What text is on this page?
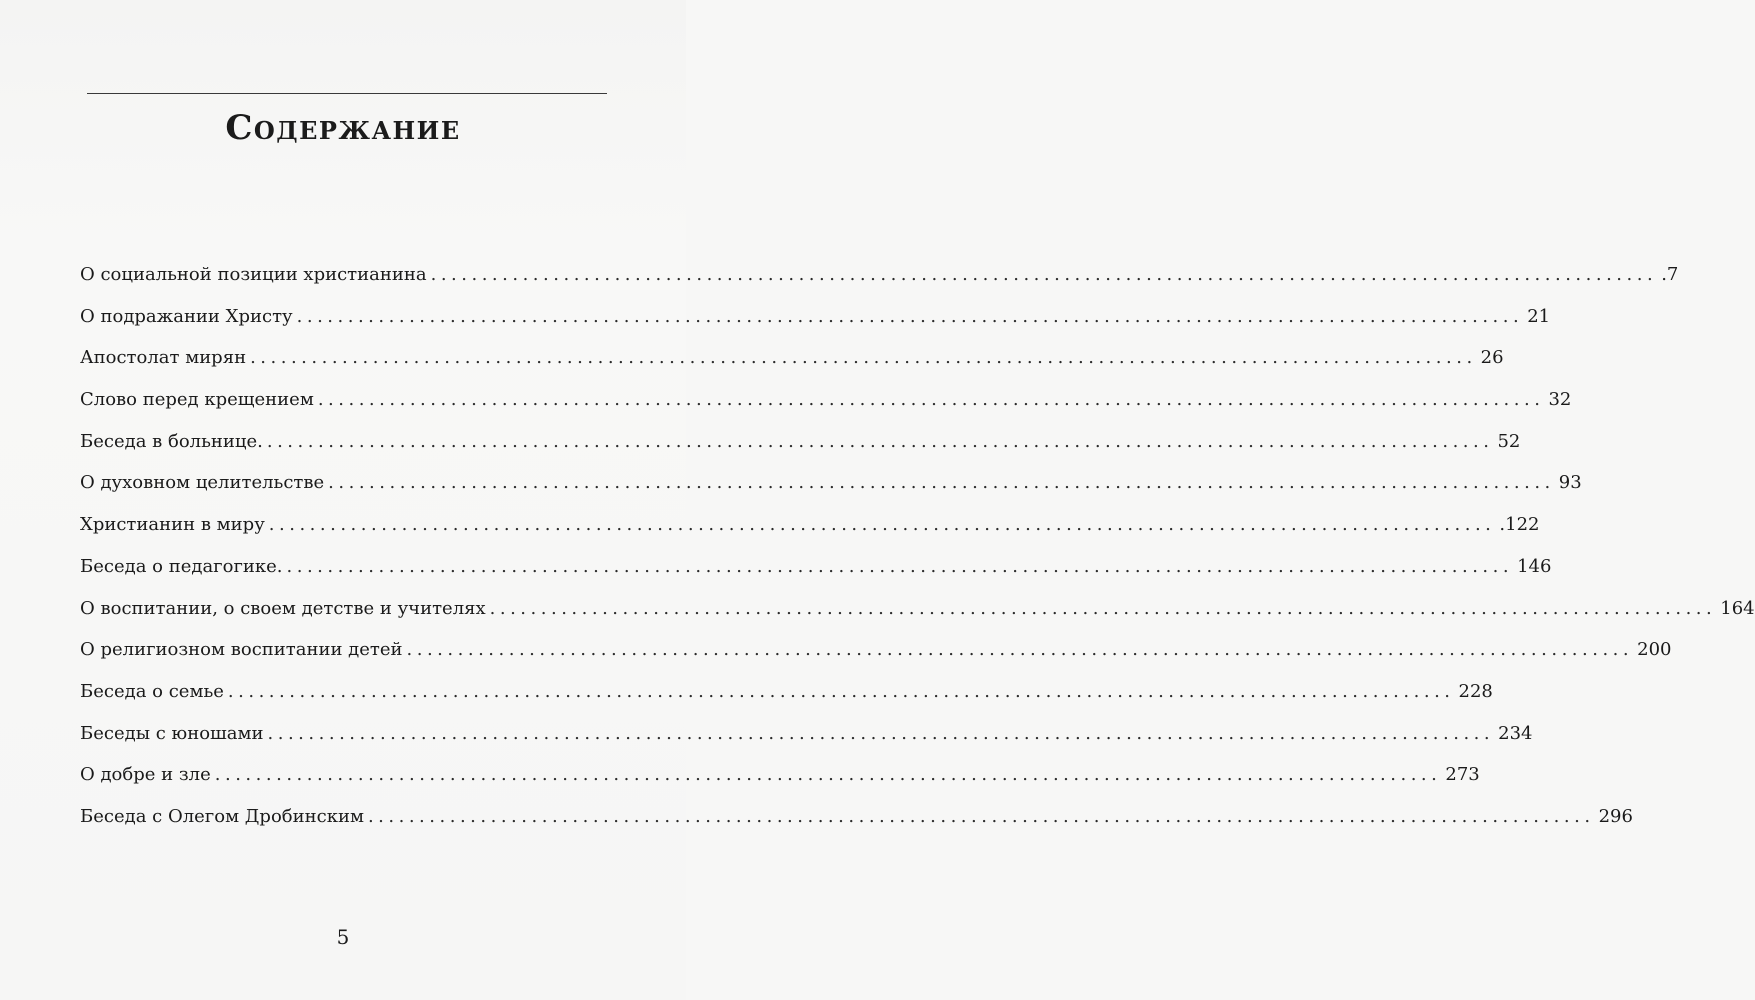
Содержание
О социальной позиции христианина ........................................................................................................................ .7
О подражании Христу ........................................................................................................................ 21
Апостолат мирян ........................................................................................................................ 26
Слово перед крещением ........................................................................................................................ 32
Беседа в больнице. ........................................................................................................................ 52
О духовном целительстве ........................................................................................................................ 93
Христианин в миру ........................................................................................................................ .122
Беседа о педагогике. ........................................................................................................................ 146
О воспитании, о своем детстве и учителях ........................................................................................................................ 164
О религиозном воспитании детей ........................................................................................................................ 200
Беседа о семье ........................................................................................................................ 228
Беседы с юношами ........................................................................................................................ 234
О добре и зле ........................................................................................................................ 273
Беседа с Олегом Дробинским ........................................................................................................................ 296
5
